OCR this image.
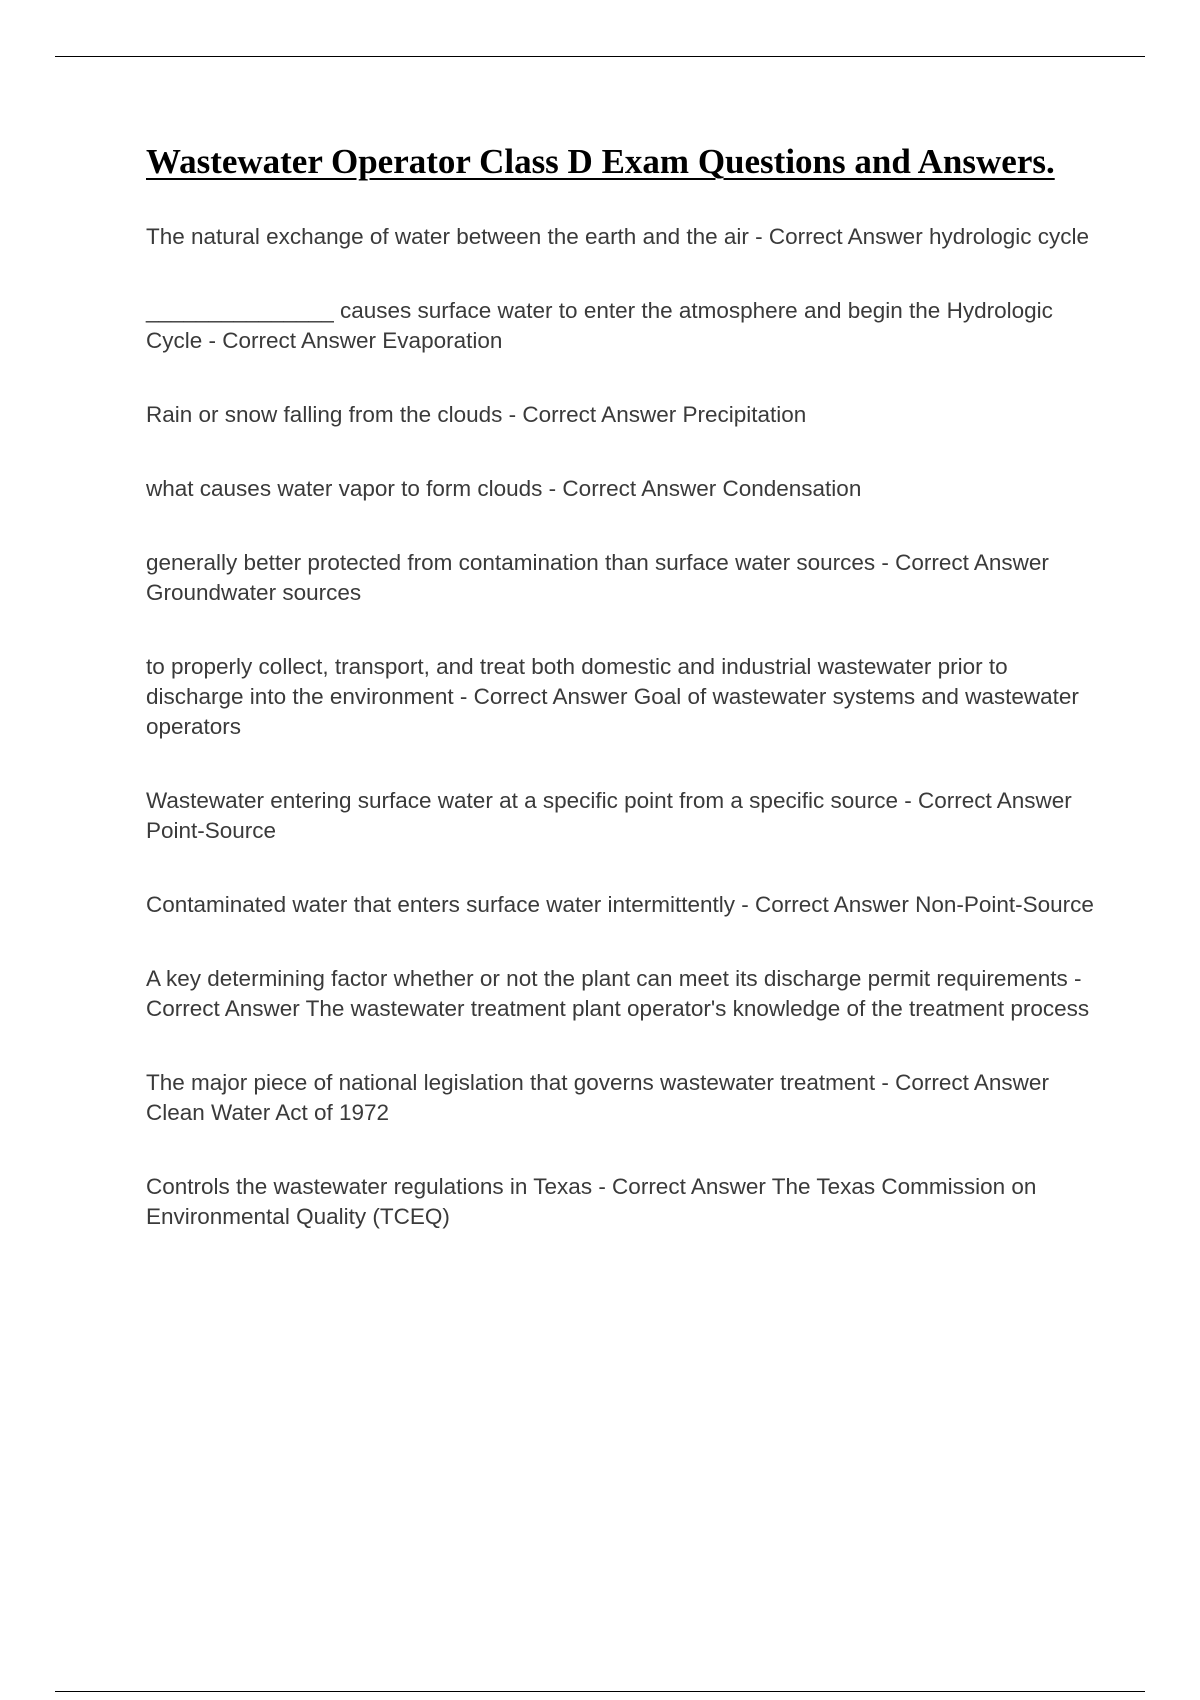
Wastewater Operator Class D Exam Questions and Answers.

The natural exchange of water between the earth and the air - Correct Answer hydrologic cycle

_______________ causes surface water to enter the atmosphere and begin the Hydrologic Cycle - Correct Answer Evaporation

Rain or snow falling from the clouds - Correct Answer Precipitation

what causes water vapor to form clouds - Correct Answer Condensation

generally better protected from contamination than surface water sources - Correct Answer Groundwater sources

to properly collect, transport, and treat both domestic and industrial wastewater prior to discharge into the environment - Correct Answer Goal of wastewater systems and wastewater operators

Wastewater entering surface water at a specific point from a specific source - Correct Answer Point-Source

Contaminated water that enters surface water intermittently - Correct Answer Non-Point-Source

A key determining factor whether or not the plant can meet its discharge permit requirements - Correct Answer The wastewater treatment plant operator's knowledge of the treatment process

The major piece of national legislation that governs wastewater treatment - Correct Answer Clean Water Act of 1972

Controls the wastewater regulations in Texas - Correct Answer The Texas Commission on Environmental Quality (TCEQ)
